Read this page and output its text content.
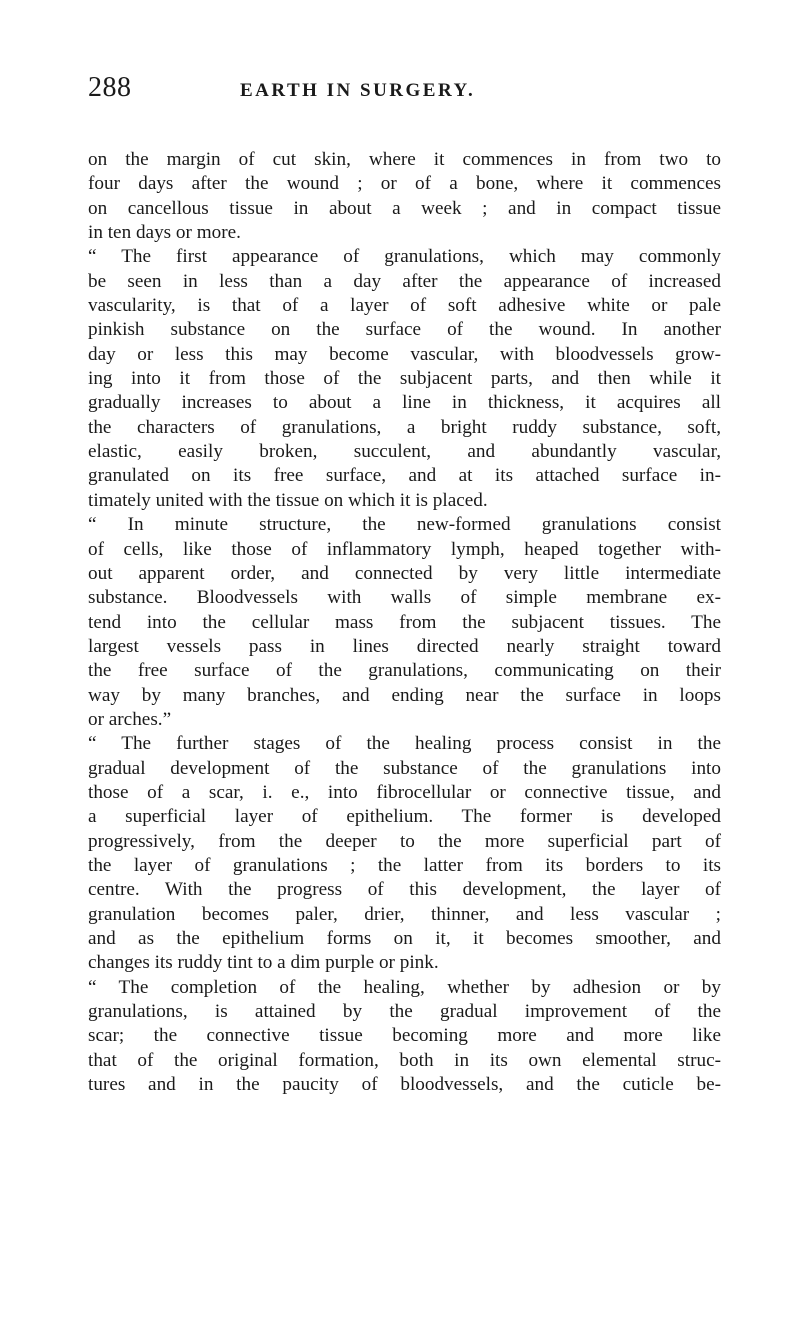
288	EARTH IN SURGERY.
on the margin of cut skin, where it commences in from two to
four days after the wound ; or of a bone, where it commences
on cancellous tissue in about a week ; and in compact tissue
in ten days or more.
“ The first appearance of granulations, which may commonly
be seen in less than a day after the appearance of increased
vascularity, is that of a layer of soft adhesive white or pale
pinkish substance on the surface of the wound. In another
day or less this may become vascular, with bloodvessels grow-
ing into it from those of the subjacent parts, and then while it
gradually increases to about a line in thickness, it acquires all
the characters of granulations, a bright ruddy substance, soft,
elastic, easily broken, succulent, and abundantly vascular,
granulated on its free surface, and at its attached surface in-
timately united with the tissue on which it is placed.
“ In minute structure, the new-formed granulations consist
of cells, like those of inflammatory lymph, heaped together with-
out apparent order, and connected by very little intermediate
substance. Bloodvessels with walls of simple membrane ex-
tend into the cellular mass from the subjacent tissues. The
largest vessels pass in lines directed nearly straight toward
the free surface of the granulations, communicating on their
way by many branches, and ending near the surface in loops
or arches.”
“ The further stages of the healing process consist in the
gradual development of the substance of the granulations into
those of a scar, i. e., into fibrocellular or connective tissue, and
a superficial layer of epithelium. The former is developed
progressively, from the deeper to the more superficial part of
the layer of granulations ; the latter from its borders to its
centre. With the progress of this development, the layer of
granulation becomes paler, drier, thinner, and less vascular ;
and as the epithelium forms on it, it becomes smoother, and
changes its ruddy tint to a dim purple or pink.
“ The completion of the healing, whether by adhesion or by
granulations, is attained by the gradual improvement of the
scar; the connective tissue becoming more and more like
that of the original formation, both in its own elemental struc-
tures and in the paucity of bloodvessels, and the cuticle be-
